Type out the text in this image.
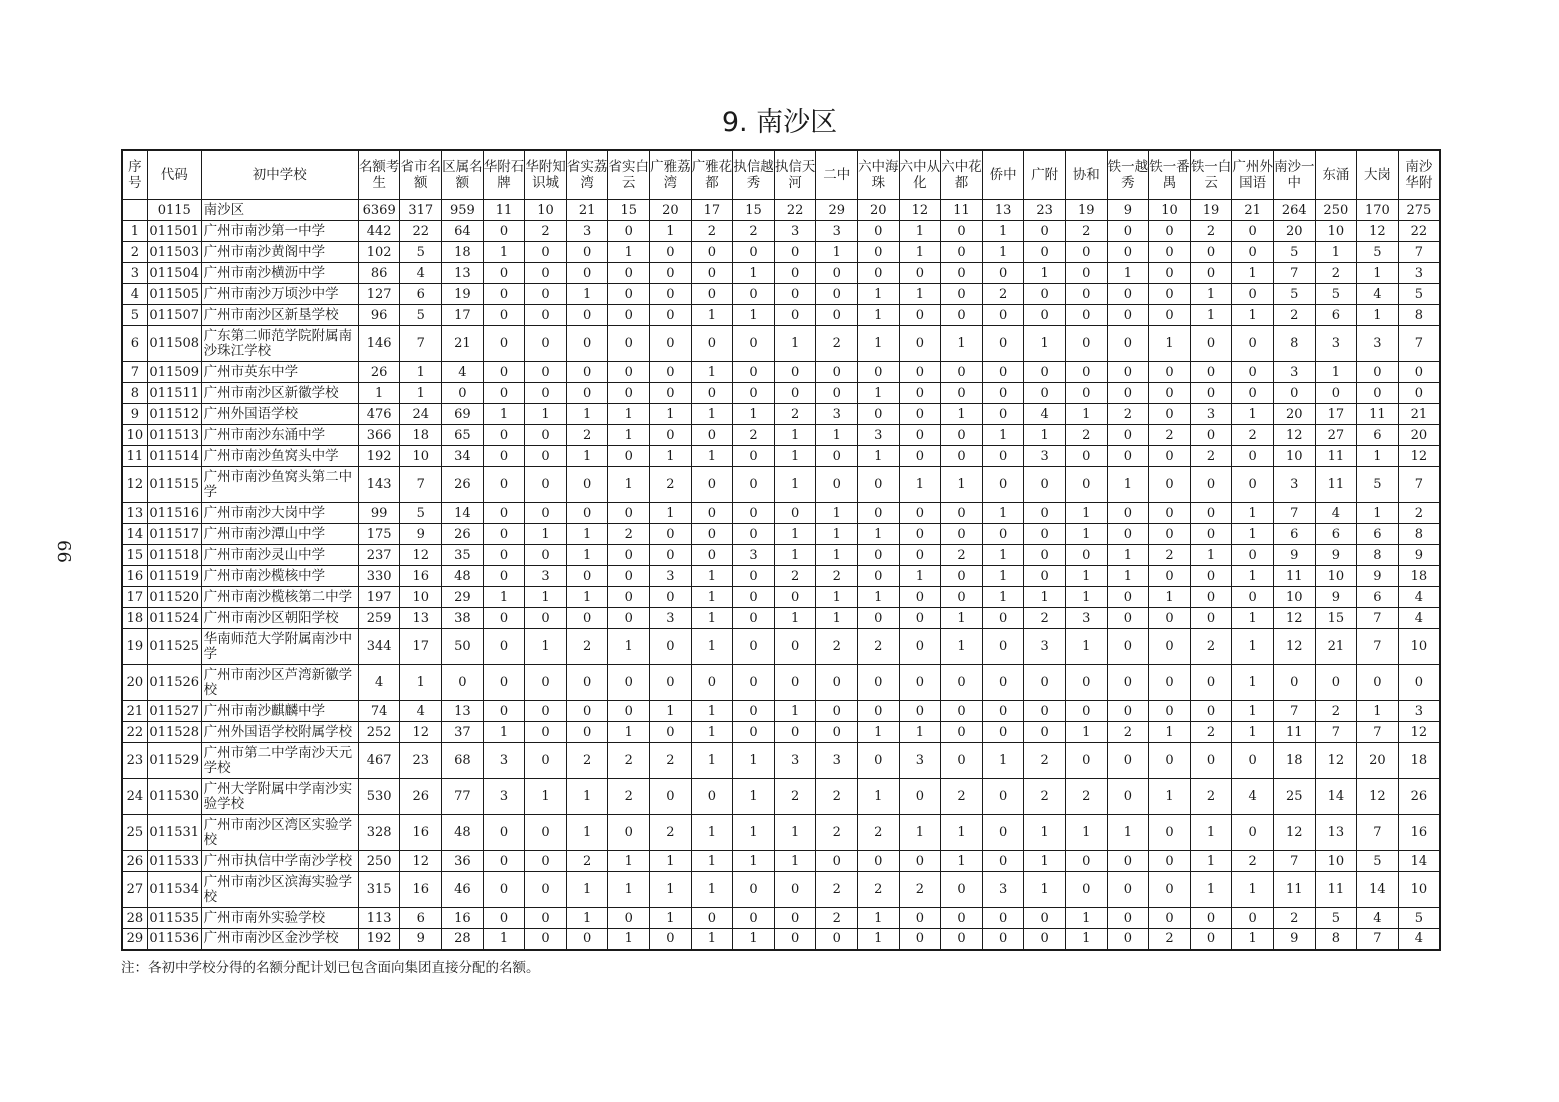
9. 南沙区
66
序号	代码	初中学校	名额考生	省市名额	区属名额	华附石牌	华附知识城	省实荔湾	省实白云	广雅荔湾	广雅花都	执信越秀	执信天河	二中	六中海珠	六中从化	六中花都	侨中	广附	协和	铁一越秀	铁一番禺	铁一白云	广州外国语	南沙一中	东涌	大岗	南沙华附
	0115	南沙区	6369	317	959	11	10	21	15	20	17	15	22	29	20	12	11	13	23	19	9	10	19	21	264	250	170	275
1	011501	广州市南沙第一中学	442	22	64	0	2	3	0	1	2	2	3	3	0	1	0	1	0	2	0	0	2	0	20	10	12	22
2	011503	广州市南沙黄阁中学	102	5	18	1	0	0	1	0	0	0	0	1	0	1	0	1	0	0	0	0	0	0	5	1	5	7
3	011504	广州市南沙横沥中学	86	4	13	0	0	0	0	0	0	1	0	0	0	0	0	0	1	0	1	0	0	1	7	2	1	3
4	011505	广州市南沙万顷沙中学	127	6	19	0	0	1	0	0	0	0	0	0	1	1	0	2	0	0	0	0	1	0	5	5	4	5
5	011507	广州市南沙区新垦学校	96	5	17	0	0	0	0	0	1	1	0	0	1	0	0	0	0	0	0	0	1	1	2	6	1	8
6	011508	广东第二师范学院附属南沙珠江学校	146	7	21	0	0	0	0	0	0	0	1	2	1	0	1	0	1	0	0	1	0	0	8	3	3	7
7	011509	广州市英东中学	26	1	4	0	0	0	0	0	1	0	0	0	0	0	0	0	0	0	0	0	0	0	3	1	0	0
8	011511	广州市南沙区新徽学校	1	1	0	0	0	0	0	0	0	0	0	0	1	0	0	0	0	0	0	0	0	0	0	0	0	0
9	011512	广州外国语学校	476	24	69	1	1	1	1	1	1	1	2	3	0	0	1	0	4	1	2	0	3	1	20	17	11	21
10	011513	广州市南沙东涌中学	366	18	65	0	0	2	1	0	0	2	1	1	3	0	0	1	1	2	0	2	0	2	12	27	6	20
11	011514	广州市南沙鱼窝头中学	192	10	34	0	0	1	0	1	1	0	1	0	1	0	0	0	3	0	0	0	2	0	10	11	1	12
12	011515	广州市南沙鱼窝头第二中学	143	7	26	0	0	0	1	2	0	0	1	0	0	1	1	0	0	0	1	0	0	0	3	11	5	7
13	011516	广州市南沙大岗中学	99	5	14	0	0	0	0	1	0	0	0	1	0	0	0	1	0	1	0	0	0	1	7	4	1	2
14	011517	广州市南沙潭山中学	175	9	26	0	1	1	2	0	0	0	1	1	1	0	0	0	0	1	0	0	0	1	6	6	6	8
15	011518	广州市南沙灵山中学	237	12	35	0	0	1	0	0	0	3	1	1	0	0	2	1	0	0	1	2	1	0	9	9	8	9
16	011519	广州市南沙榄核中学	330	16	48	0	3	0	0	3	1	0	2	2	0	1	0	1	0	1	1	0	0	1	11	10	9	18
17	011520	广州市南沙榄核第二中学	197	10	29	1	1	1	0	0	1	0	0	1	1	0	0	1	1	1	0	1	0	0	10	9	6	4
18	011524	广州市南沙区朝阳学校	259	13	38	0	0	0	0	3	1	0	1	1	0	0	1	0	2	3	0	0	0	1	12	15	7	4
19	011525	华南师范大学附属南沙中学	344	17	50	0	1	2	1	0	1	0	0	2	2	0	1	0	3	1	0	0	2	1	12	21	7	10
20	011526	广州市南沙区芦湾新徽学校	4	1	0	0	0	0	0	0	0	0	0	0	0	0	0	0	0	0	0	0	0	1	0	0	0	0
21	011527	广州市南沙麒麟中学	74	4	13	0	0	0	0	1	1	0	1	0	0	0	0	0	0	0	0	0	0	1	7	2	1	3
22	011528	广州外国语学校附属学校	252	12	37	1	0	0	1	0	1	0	0	0	1	1	0	0	0	1	2	1	2	1	11	7	7	12
23	011529	广州市第二中学南沙天元学校	467	23	68	3	0	2	2	2	1	1	3	3	0	3	0	1	2	0	0	0	0	0	18	12	20	18
24	011530	广州大学附属中学南沙实验学校	530	26	77	3	1	1	2	0	0	1	2	2	1	0	2	0	2	2	0	1	2	4	25	14	12	26
25	011531	广州市南沙区湾区实验学校	328	16	48	0	0	1	0	2	1	1	1	2	2	1	1	0	1	1	1	0	1	0	12	13	7	16
26	011533	广州市执信中学南沙学校	250	12	36	0	0	2	1	1	1	1	1	0	0	0	1	0	1	0	0	0	1	2	7	10	5	14
27	011534	广州市南沙区滨海实验学校	315	16	46	0	0	1	1	1	1	0	0	2	2	2	0	3	1	0	0	0	1	1	11	11	14	10
28	011535	广州市南外实验学校	113	6	16	0	0	1	0	1	0	0	0	2	1	0	0	0	0	1	0	0	0	0	2	5	4	5
29	011536	广州市南沙区金沙学校	192	9	28	1	0	0	1	0	1	1	0	0	1	0	0	0	0	1	0	2	0	1	9	8	7	4
注：各初中学校分得的名额分配计划已包含面向集团直接分配的名额。
